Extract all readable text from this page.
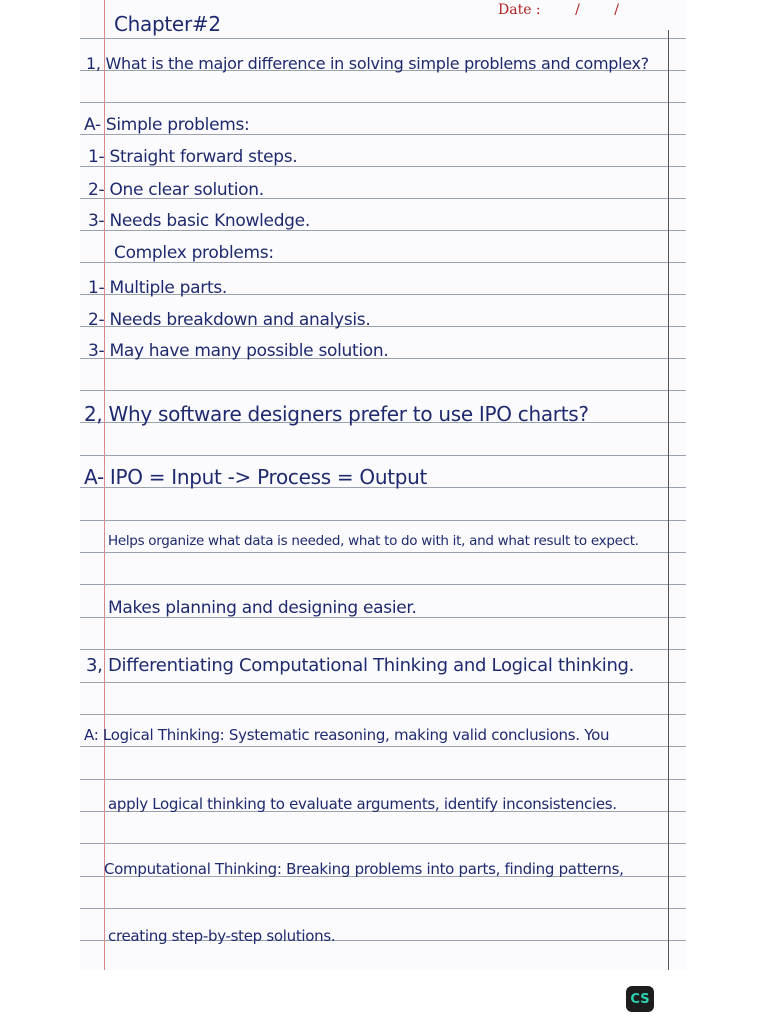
Date : / /
Chapter#2
1, What is the major difference in solving simple problems and complex?
A- Simple problems:
1- Straight forward steps.
2- One clear solution.
3- Needs basic Knowledge.
Complex problems:
1- Multiple parts.
2- Needs breakdown and analysis.
3- May have many possible solution.
2, Why software designers prefer to use IPO charts?
A- IPO = Input -> Process = Output
Helps organize what data is needed, what to do with it, and what result to expect.
Makes planning and designing easier.
3, Differentiating Computational Thinking and Logical thinking.
A: Logical Thinking: Systematic reasoning, making valid conclusions. You
apply Logical thinking to evaluate arguments, identify inconsistencies.
Computational Thinking: Breaking problems into parts, finding patterns,
creating step-by-step solutions.
CS
